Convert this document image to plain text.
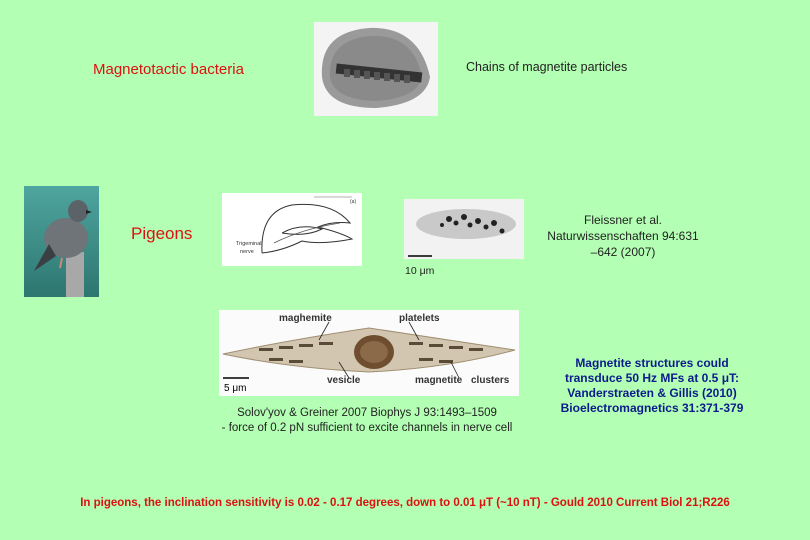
Magnetotactic bacteria	Chains of magnetite particles
Pigeons
(a)
Trigeminal
nerve
10 μm
Fleissner et al. Naturwissenschaften 94:631
–642 (2007)
maghemite	platelets
vesicle	magnetite clusters
5 μm
Solov'yov & Greiner 2007 Biophys J 93:1493–1509
- force of 0.2 pN sufficient to excite channels in nerve cell
Magnetite structures could
transduce 50 Hz MFs at 0.5 μT:
Vanderstraeten & Gillis (2010)
Bioelectromagnetics 31:371-379
In pigeons, the inclination sensitivity is 0.02 - 0.17 degrees, down to 0.01 μT (~10 nT) - Gould 2010 Current Biol 21;R226
